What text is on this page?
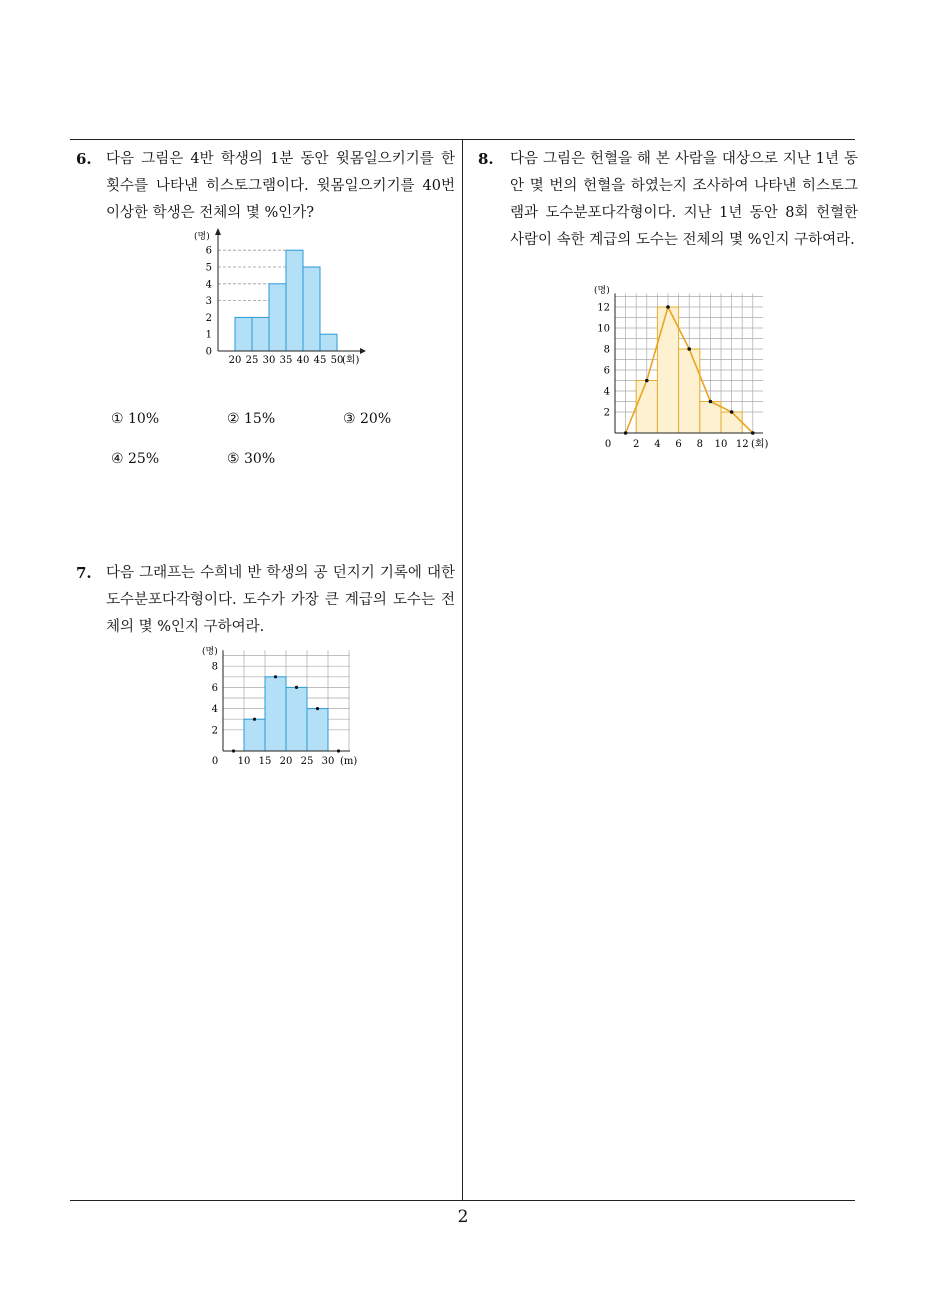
6. 다음 그림은 4반 학생의 1분 동안 윗몸일으키기를 한 횟수를 나타낸 히스토그램이다. 윗몸일으키기를 40번 이상한 학생은 전체의 몇 %인가?
0
1
2
3
4
5
6
(명)
20 25 30 35 40 45 50
(회)
① 10%	② 15%	③ 20%
④ 25%	⑤ 30%
7. 다음 그래프는 수희네 반 학생의 공 던지기 기록에 대한 도수분포다각형이다. 도수가 가장 큰 계급의 도수는 전체의 몇 %인지 구하여라.
2
4
6
8
(명)
0 10 15 20 25 30 (m)
8. 다음 그림은 헌혈을 해 본 사람을 대상으로 지난 1년 동안 몇 번의 헌혈을 하였는지 조사하여 나타낸 히스토그램과 도수분포다각형이다. 지난 1년 동안 8회 헌혈한 사람이 속한 계급의 도수는 전체의 몇 %인지 구하여라.
2
4
6
8
10
12
(명)
0 2 4 6 8 10 12 (회)
2
